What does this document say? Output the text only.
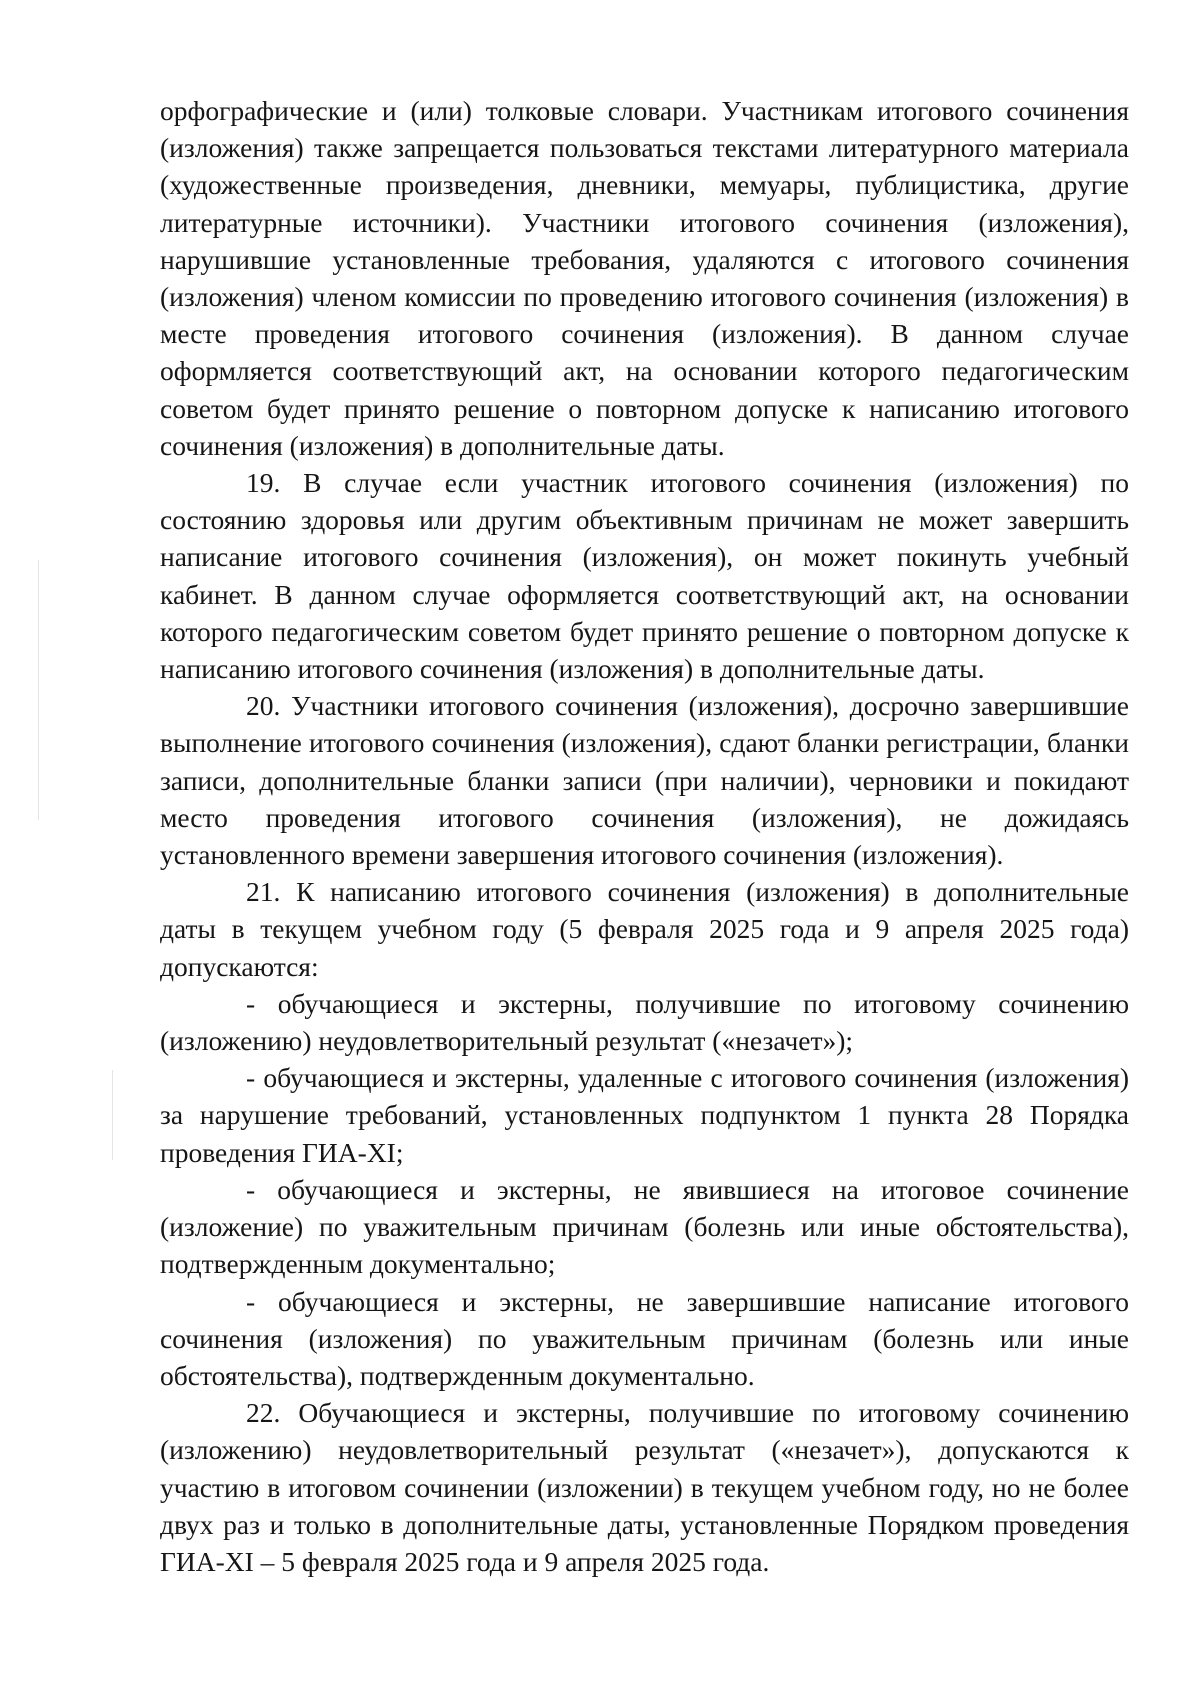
орфографические и (или) толковые словари. Участникам итогового сочинения (изложения) также запрещается пользоваться текстами литературного материала (художественные произведения, дневники, мемуары, публицистика, другие литературные источники). Участники итогового сочинения (изложения), нарушившие установленные требования, удаляются с итогового сочинения (изложения) членом комиссии по проведению итогового сочинения (изложения) в месте проведения итогового сочинения (изложения). В данном случае оформляется соответствующий акт, на основании которого педагогическим советом будет принято решение о повторном допуске к написанию итогового сочинения (изложения) в дополнительные даты.

19. В случае если участник итогового сочинения (изложения) по состоянию здоровья или другим объективным причинам не может завершить написание итогового сочинения (изложения), он может покинуть учебный кабинет. В данном случае оформляется соответствующий акт, на основании которого педагогическим советом будет принято решение о повторном допуске к написанию итогового сочинения (изложения) в дополнительные даты.

20. Участники итогового сочинения (изложения), досрочно завершившие выполнение итогового сочинения (изложения), сдают бланки регистрации, бланки записи, дополнительные бланки записи (при наличии), черновики и покидают место проведения итогового сочинения (изложения), не дожидаясь установленного времени завершения итогового сочинения (изложения).

21. К написанию итогового сочинения (изложения) в дополнительные даты в текущем учебном году (5 февраля 2025 года и 9 апреля 2025 года) допускаются:

- обучающиеся и экстерны, получившие по итоговому сочинению (изложению) неудовлетворительный результат («незачет»);

- обучающиеся и экстерны, удаленные с итогового сочинения (изложения) за нарушение требований, установленных подпунктом 1 пункта 28 Порядка проведения ГИА-XI;

- обучающиеся и экстерны, не явившиеся на итоговое сочинение (изложение) по уважительным причинам (болезнь или иные обстоятельства), подтвержденным документально;

- обучающиеся и экстерны, не завершившие написание итогового сочинения (изложения) по уважительным причинам (болезнь или иные обстоятельства), подтвержденным документально.

22. Обучающиеся и экстерны, получившие по итоговому сочинению (изложению) неудовлетворительный результат («незачет»), допускаются к участию в итоговом сочинении (изложении) в текущем учебном году, но не более двух раз и только в дополнительные даты, установленные Порядком проведения ГИА-XI – 5 февраля 2025 года и 9 апреля 2025 года.
